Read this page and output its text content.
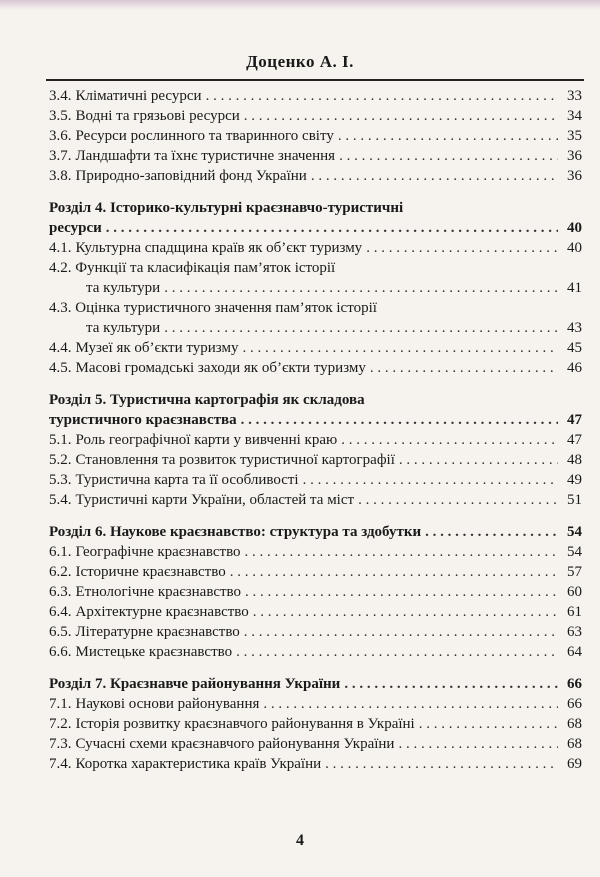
Доценко А. І.
3.4. Кліматичні ресурси . . .	33
3.5. Водні та грязьові ресурси . . .	34
3.6. Ресурси рослинного та тваринного світу . . .	35
3.7. Ландшафти та їхнє туристичне значення . . .	36
3.8. Природно-заповідний фонд України . . .	36
Розділ 4. Історико-культурні краєзнавчо-туристичні
ресурси . . .	40
4.1. Культурна спадщина країв як об’єкт туризму . . .	40
4.2. Функції та класифікація пам’яток історії
та культури . . .	41
4.3. Оцінка туристичного значення пам’яток історії
та культури . . .	43
4.4. Музеї як об’єкти туризму . . .	45
4.5. Масові громадські заходи як об’єкти туризму . . .	46
Розділ 5. Туристична картографія як складова
туристичного краєзнавства . . .	47
5.1. Роль географічної карти у вивченні краю . . .	47
5.2. Становлення та розвиток туристичної картографії . . .	48
5.3. Туристична карта та її особливості . . .	49
5.4. Туристичні карти України, областей та міст . . .	51
Розділ 6. Наукове краєзнавство: структура та здобутки . . .	54
6.1. Географічне краєзнавство . . .	54
6.2. Історичне краєзнавство . . .	57
6.3. Етнологічне краєзнавство . . .	60
6.4. Архітектурне краєзнавство . . .	61
6.5. Літературне краєзнавство . . .	63
6.6. Мистецьке краєзнавство . . .	64
Розділ 7. Краєзнавче районування України . . .	66
7.1. Наукові основи районування . . .	66
7.2. Історія розвитку краєзнавчого районування в Україні . . .	68
7.3. Сучасні схеми краєзнавчого районування України . . .	68
7.4. Коротка характеристика країв України . . .	69
4
